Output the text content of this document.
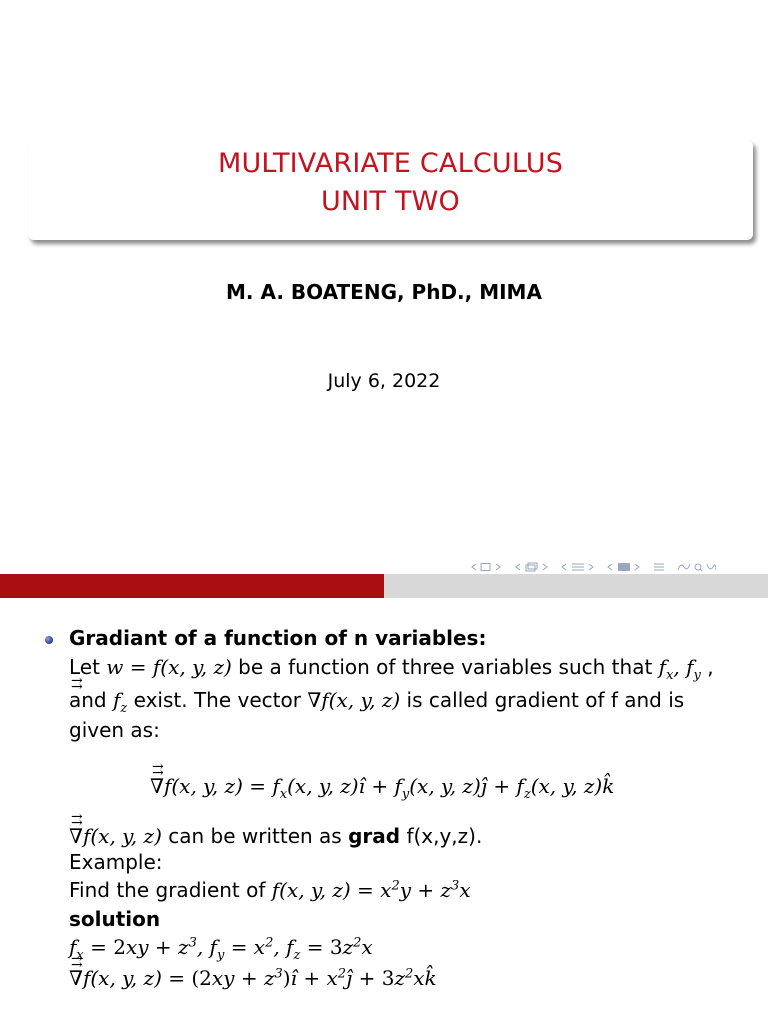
MULTIVARIATE CALCULUS
UNIT TWO
M. A. BOATENG, PhD., MIMA
July 6, 2022
Gradiant of a function of n variables:
Let w = f(x, y, z) be a function of three variables such that $f_x$, $f_y$ ,
and $f_z$ exist. The vector ⇉ ∇f(x, y, z) is called gradient of f and is
given as:
⇉ ∇f(x, y, $z) = f_x(x$, y, z)î + $f_y(x$, y, z)ĵ + $f_z(x$, y, z)k̂
⇉ ∇f(x, y, z) can be written as grad f(x,y,z).
Example:
Find the gradient of f(x, y, $z) = x^2y + z^3x$
solution
$f_x = 2xy + z^3$, $f_y = x^2$, $f_z = 3z^2x$
⇉ ∇f(x, y, $z) = (2xy + z^3)î$ + $x^2ĵ$ + $3z^2xk̂$
